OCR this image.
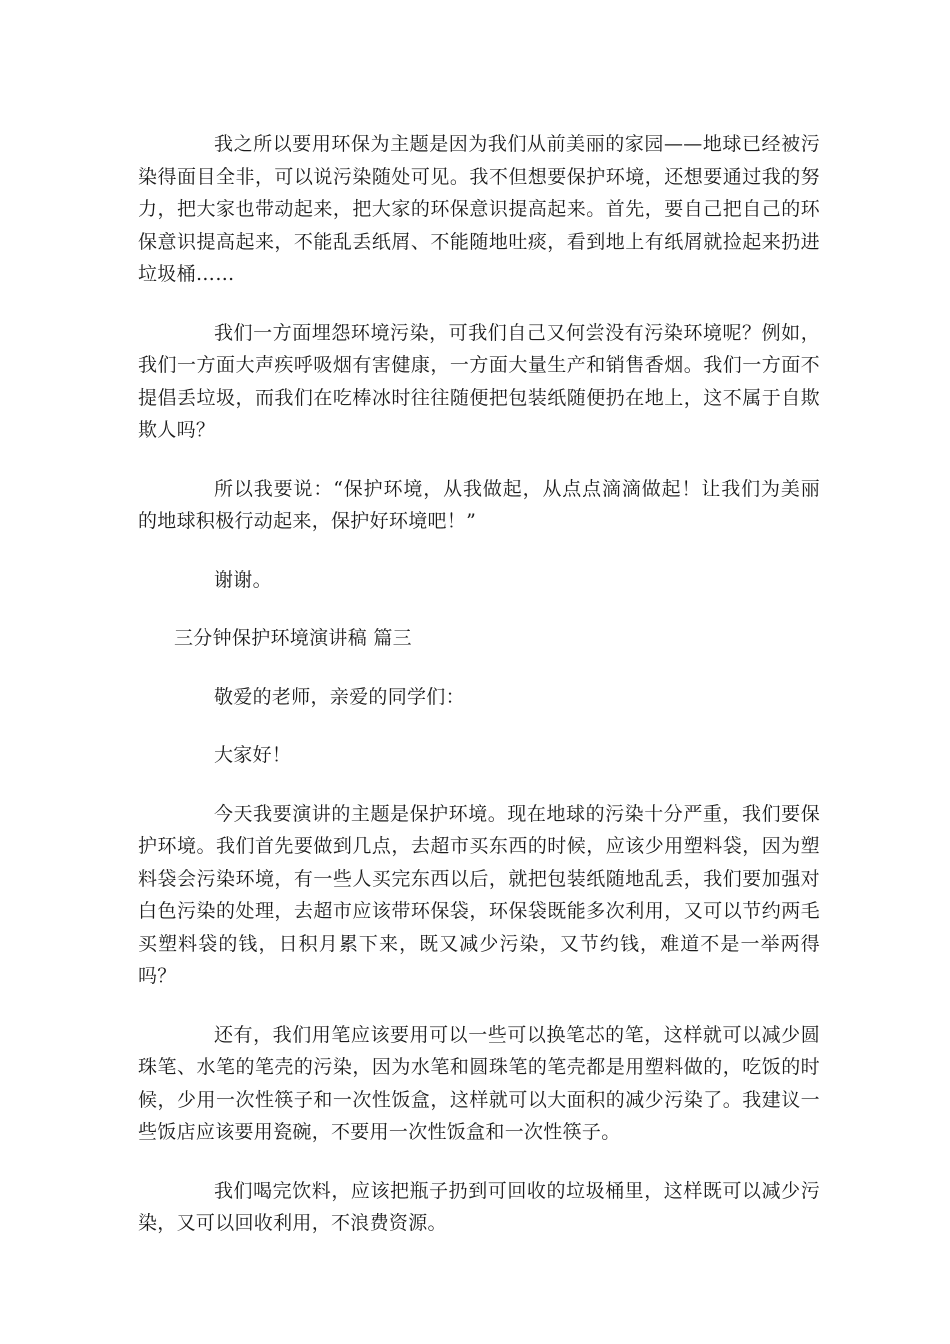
我之所以要用环保为主题是因为我们从前美丽的家园——地球已经被污染得面目全非，可以说污染随处可见。我不但想要保护环境，还想要通过我的努力，把大家也带动起来，把大家的环保意识提高起来。首先，要自己把自己的环保意识提高起来，不能乱丢纸屑、不能随地吐痰，看到地上有纸屑就捡起来扔进垃圾桶……

我们一方面埋怨环境污染，可我们自己又何尝没有污染环境呢？例如，我们一方面大声疾呼吸烟有害健康，一方面大量生产和销售香烟。我们一方面不提倡丢垃圾，而我们在吃棒冰时往往随便把包装纸随便扔在地上，这不属于自欺欺人吗？

所以我要说：“保护环境，从我做起，从点点滴滴做起！让我们为美丽的地球积极行动起来，保护好环境吧！”

谢谢。

三分钟保护环境演讲稿 篇三

敬爱的老师，亲爱的同学们：

大家好！

今天我要演讲的主题是保护环境。现在地球的污染十分严重，我们要保护环境。我们首先要做到几点，去超市买东西的时候，应该少用塑料袋，因为塑料袋会污染环境，有一些人买完东西以后，就把包装纸随地乱丢，我们要加强对白色污染的处理，去超市应该带环保袋，环保袋既能多次利用，又可以节约两毛买塑料袋的钱，日积月累下来，既又减少污染，又节约钱，难道不是一举两得吗？

还有，我们用笔应该要用可以一些可以换笔芯的笔，这样就可以减少圆珠笔、水笔的笔壳的污染，因为水笔和圆珠笔的笔壳都是用塑料做的，吃饭的时候，少用一次性筷子和一次性饭盒，这样就可以大面积的减少污染了。我建议一些饭店应该要用瓷碗，不要用一次性饭盒和一次性筷子。

我们喝完饮料，应该把瓶子扔到可回收的垃圾桶里，这样既可以减少污染，又可以回收利用，不浪费资源。
